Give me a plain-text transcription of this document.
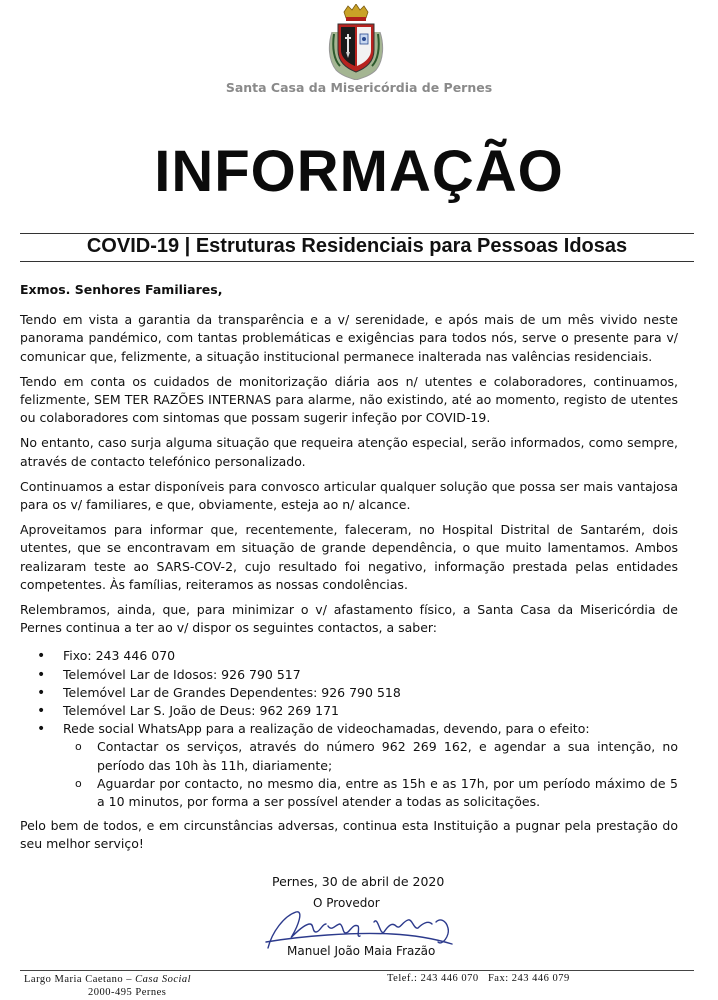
Santa Casa da Misericórdia de Pernes
INFORMAÇÃO
COVID-19 | Estruturas Residenciais para Pessoas Idosas

Exmos. Senhores Familiares,

Tendo em vista a garantia da transparência e a v/ serenidade, e após mais de um mês vivido neste panorama pandémico, com tantas problemáticas e exigências para todos nós, serve o presente para v/ comunicar que, felizmente, a situação institucional permanece inalterada nas valências residenciais.

Tendo em conta os cuidados de monitorização diária aos n/ utentes e colaboradores, continuamos, felizmente, SEM TER RAZÕES INTERNAS para alarme, não existindo, até ao momento, registo de utentes ou colaboradores com sintomas que possam sugerir infeção por COVID-19.

No entanto, caso surja alguma situação que requeira atenção especial, serão informados, como sempre, através de contacto telefónico personalizado.

Continuamos a estar disponíveis para convosco articular qualquer solução que possa ser mais vantajosa para os v/ familiares, e que, obviamente, esteja ao n/ alcance.

Aproveitamos para informar que, recentemente, faleceram, no Hospital Distrital de Santarém, dois utentes, que se encontravam em situação de grande dependência, o que muito lamentamos. Ambos realizaram teste ao SARS-COV-2, cujo resultado foi negativo, informação prestada pelas entidades competentes. Às famílias, reiteramos as nossas condolências.

Relembramos, ainda, que, para minimizar o v/ afastamento físico, a Santa Casa da Misericórdia de Pernes continua a ter ao v/ dispor os seguintes contactos, a saber:

• Fixo: 243 446 070
• Telemóvel Lar de Idosos: 926 790 517
• Telemóvel Lar de Grandes Dependentes: 926 790 518
• Telemóvel Lar S. João de Deus: 962 269 171
• Rede social WhatsApp para a realização de videochamadas, devendo, para o efeito:
o Contactar os serviços, através do número 962 269 162, e agendar a sua intenção, no período das 10h às 11h, diariamente;
o Aguardar por contacto, no mesmo dia, entre as 15h e as 17h, por um período máximo de 5 a 10 minutos, por forma a ser possível atender a todas as solicitações.

Pelo bem de todos, e em circunstâncias adversas, continua esta Instituição a pugnar pela prestação do seu melhor serviço!

Pernes, 30 de abril de 2020
O Provedor
Manuel João Maia Frazão
Largo Maria Caetano – Casa Social
2000-495 Pernes
Telef.: 243 446 070   Fax: 243 446 079
